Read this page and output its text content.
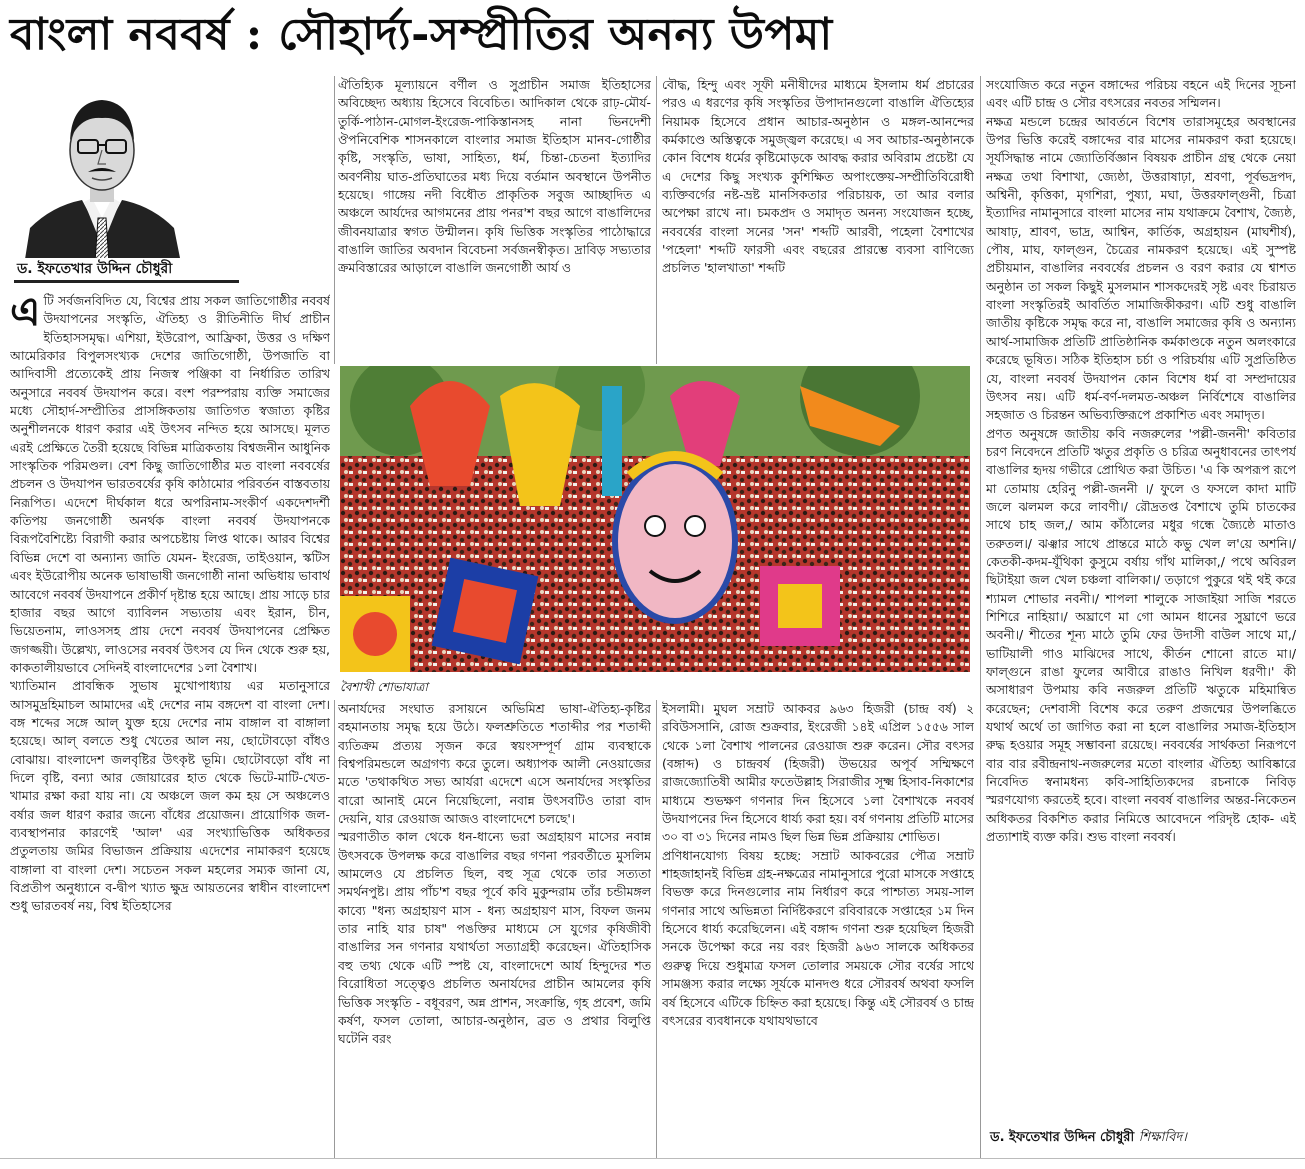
বাংলা নববর্ষ : সৌহার্দ্য-সম্প্রীতির অনন্য উপমা
ড. ইফতেখার উদ্দিন চৌধুরী

এটি সর্বজনবিদিত যে, বিশ্বের প্রায় সকল জাতিগোষ্ঠীর নববর্ষ উদযাপনের সংস্কৃতি, ঐতিহ্য ও রীতিনীতি দীর্ঘ প্রাচীন ইতিহাসসমৃদ্ধ। এশিয়া, ইউরোপ, আফ্রিকা, উত্তর ও দক্ষিণ আমেরিকার বিপুলসংখ্যক দেশের জাতিগোষ্ঠী, উপজাতি বা আদিবাসী প্রত্যেকেই প্রায় নিজস্ব পঞ্জিকা বা নির্ধারিত তারিখ অনুসারে নববর্ষ উদযাপন করে। বংশ পরম্পরায় ব্যক্তি সমাজের মধ্যে সৌহার্দ-সম্প্রীতির প্রাসঙ্গিকতায় জাতিগত স্বজাত্য কৃষ্টির অনুশীলনকে ধারণ করার এই উৎসব নন্দিত হয়ে আসছে। মূলত এরই প্রেক্ষিতে তৈরী হয়েছে বিভিন্ন মাত্রিকতায় বিশ্বজনীন আধুনিক সাংস্কৃতিক পরিমণ্ডল। বেশ কিছু জাতিগোষ্ঠীর মত বাংলা নববর্ষের প্রচলন ও উদযাপন ভারতবর্ষের কৃষি কাঠামোর পরিবর্তন বাস্তবতায় নিরূপিত। এদেশে দীর্ঘকাল ধরে অপরিনাম-সংকীর্ণ একদেশদর্শী কতিপয় জনগোষ্ঠী অনর্থক বাংলা নববর্ষ উদযাপনকে বিরূপবৈশিষ্ট্যে বিরাগী করার অপচেষ্টায় লিপ্ত থাকে। আরব বিশ্বের বিভিন্ন দেশে বা অন্যান্য জাতি যেমন- ইংরেজ, তাইওয়ান, স্কটিস এবং ইউরোপীয় অনেক ভাষাভাষী জনগোষ্ঠী নানা অভিধায় ভাবার্থ আবেগে নববর্ষ উদযাপনে প্রকীর্ণ দৃষ্টান্ত হয়ে আছে। প্রায় সাড়ে চার হাজার বছর আগে ব্যাবিলন সভ্যতায় এবং ইরান, চীন, ভিয়েতনাম, লাওসসহ প্রায় দেশে নববর্ষ উদযাপনের প্রেক্ষিত জগজ্জয়ী। উল্লেখ্য, লাওসের নববর্ষ উৎসব যে দিন থেকে শুরু হয়, কাকতালীয়ভাবে সেদিনই বাংলাদেশের ১লা বৈশাখ।

খ্যাতিমান প্রাবন্ধিক সুভাষ মুখোপাধ্যায় এর মতানুসারে আসমুদ্রহিমাচল আমাদের এই দেশের নাম বঙ্গদেশ বা বাংলা দেশ। বঙ্গ শব্দের সঙ্গে আল্ যুক্ত হয়ে দেশের নাম বাঙ্গাল বা বাঙ্গালা হয়েছে। আল্ বলতে শুধু খেতের আল নয়, ছোটোবড়ো বাঁধও বোঝায়। বাংলাদেশ জলবৃষ্টির উৎকৃষ্ট ভূমি। ছোটোবড়ো বাঁধ না দিলে বৃষ্টি, বন্যা আর জোয়ারের হাত থেকে ভিটে-মাটি-খেত-খামার রক্ষা করা যায় না। যে অঞ্চলে জল কম হয় সে অঞ্চলেও বর্ষার জল ধারণ করার জন্যে বাঁধের প্রয়োজন। প্রায়োগিক জল-ব্যবস্থাপনার কারণেই 'আল' এর সংখ্যাভিত্তিক অধিকতর প্রতুলতায় জমির বিভাজন প্রক্রিয়ায় এদেশের নামাকরণ হয়েছে বাঙ্গালা বা বাংলা দেশ। সচেতন সকল মহলের সম্যক জানা যে, বিপ্রতীপ অনুধ্যানে ব-দ্বীপ খ্যাত ক্ষুদ্র আয়তনের স্বাধীন বাংলাদেশ শুধু ভারতবর্ষ নয়, বিশ্ব ইতিহাসের

ঐতিহ্যিক মূল্যায়নে বর্ণীল ও সুপ্রাচীন সমাজ ইতিহাসের অবিচ্ছেদ্য অধ্যায় হিসেবে বিবেচিত। আদিকাল থেকে রাঢ়-মৌর্য-তুর্কি-পাঠান-মোগল-ইংরেজ-পাকিস্তানসহ নানা ভিনদেশী ঔপনিবেশিক শাসনকালে বাংলার সমাজ ইতিহাস মানব-গোষ্ঠীর কৃষ্টি, সংস্কৃতি, ভাষা, সাহিত্য, ধর্ম, চিন্তা-চেতনা ইত্যাদির অবর্ণনীয় ঘাত-প্রতিঘাতের মধ্য দিয়ে বর্তমান অবস্থানে উপনীত হয়েছে। গাঙ্গেয় নদী বিধৌত প্রাকৃতিক সবুজ আচ্ছাদিত এ অঞ্চলে আর্যদের আগমনের প্রায় পনর'শ বছর আগে বাঙালিদের জীবনযাত্রার স্বগত উন্মীলন। কৃষি ভিত্তিক সংস্কৃতির পাঠোদ্ধারে বাঙালি জাতির অবদান বিবেচনা সর্বজনস্বীকৃত। দ্রাবিড় সভ্যতার ক্রমবিস্তারের আড়ালে বাঙালি জনগোষ্ঠী আর্য ও

বৌদ্ধ, হিন্দু এবং সূফী মনীষীদের মাধ্যমে ইসলাম ধর্ম প্রচারের পরও এ ধরণের কৃষি সংস্কৃতির উপাদানগুলো বাঙালি ঐতিহ্যের নিয়ামক হিসেবে প্রধান আচার-অনুষ্ঠান ও মঙ্গল-আনন্দের কর্মকাণ্ডে অস্তিত্বকে সমুজ্জ্বল করেছে। এ সব আচার-অনুষ্ঠানকে কোন বিশেষ ধর্মের কৃষ্টিমোড়কে আবদ্ধ করার অবিরাম প্রচেষ্টা যে এ দেশের কিছু সংখ্যক কুশিক্ষিত অপাংক্তেয়-সম্প্রীতিবিরোধী ব্যক্তিবর্গের নষ্ট-ভ্রষ্ট মানসিকতার পরিচায়ক, তা আর বলার অপেক্ষা রাখে না। চমকপ্রদ ও সমাদৃত অনন্য সংযোজন হচ্ছে, নববর্ষের বাংলা সনের 'সন' শব্দটি আরবী, পহেলা বৈশাখের 'পহেলা' শব্দটি ফারসী এবং বছরের প্রারম্ভে ব্যবসা বাণিজ্যে প্রচলিত 'হালখাতা' শব্দটি

সংযোজিত করে নতুন বঙ্গাব্দের পরিচয় বহনে এই দিনের সূচনা এবং এটি চান্দ্র ও সৌর বৎসরের নবতর সম্মিলন।

নক্ষত্র মন্ডলে চন্দ্রের আবর্তনে বিশেষ তারাসমূহের অবস্থানের উপর ভিত্তি করেই বঙ্গাব্দের বার মাসের নামকরণ করা হয়েছে। সূর্যসিদ্ধান্ত নামে জ্যোতির্বিজ্ঞান বিষয়ক প্রাচীন গ্রন্থ থেকে নেয়া নক্ষত্র তথা বিশাখা, জ্যেষ্ঠা, উত্তরাষাঢ়া, শ্রবণা, পূর্বভদ্রপদ, অশ্বিনী, কৃত্তিকা, মৃগশিরা, পুষ্যা, মঘা, উত্তরফাল্গুনী, চিত্রা ইত্যাদির নামানুসারে বাংলা মাসের নাম যথাক্রমে বৈশাখ, জ্যৈষ্ঠ, আষাঢ়, শ্রাবণ, ভাদ্র, আশ্বিন, কার্তিক, অগ্রহায়ন (মাঘশীর্ষ), পৌষ, মাঘ, ফাল্গুন, চৈত্রের নামকরণ হয়েছে। এই সুস্পষ্ট প্রচীয়মান, বাঙালির নববর্ষের প্রচলন ও বরণ করার যে শ্বাশত অনুষ্ঠান তা সকল কিছুই মুসলমান শাসকদেরই সৃষ্ট এবং চিরায়ত বাংলা সংস্কৃতিরই আবর্তিত সামাজিকীকরণ। এটি শুধু বাঙালি জাতীয় কৃষ্টিকে সমৃদ্ধ করে না, বাঙালি সমাজের কৃষি ও অন্যান্য আর্থ-সামাজিক প্রতিটি প্রাতিষ্ঠানিক কর্মকাণ্ডকে নতুন অলংকারে করেছে ভূষিত। সঠিক ইতিহাস চর্চা ও পরিচর্যায় এটি সুপ্রতিষ্ঠিত যে, বাংলা নববর্ষ উদযাপন কোন বিশেষ ধর্ম বা সম্প্রদায়ের উৎসব নয়। এটি ধর্ম-বর্ণ-দলমত-অঞ্চল নির্বিশেষে বাঙালির সহজাত ও চিরন্তন অভিব্যক্তিরূপে প্রকাশিত এবং সমাদৃত।

প্রণত অনুষঙ্গে জাতীয় কবি নজরুলের 'পল্লী-জননী' কবিতার চরণ নিবেদনে প্রতিটি ঋতুর প্রকৃতি ও চরিত্র অনুধাবনের তাৎপর্য বাঙালির হৃদয় গভীরে প্রোথিত করা উচিত। 'এ কি অপরূপ রূপে মা তোমায় হেরিনু পল্লী-জননী ।/ ফুলে ও ফসলে কাদা মাটি জলে ঝলমল করে লাবণী।/ রৌদ্রতপ্ত বৈশাখে তুমি চাতকের সাথে চাহ জল,/ আম কাঁঠালের মধুর গন্ধে জ্যৈষ্ঠে মাতাও তরুতল।/ ঝঞ্ঝার সাথে প্রান্তরে মাঠে কভু খেল ল'য়ে অশনি।/ কেতকী-কদম-যূঁথিকা কুসুমে বর্ষায় গাঁথ মালিকা,/ পথে অবিরল ছিটাইয়া জল খেল চঞ্চলা বালিকা।/ তড়াগে পুকুরে থই থই করে শ্যামল শোভার নবনী।/ শাপলা শালুকে সাজাইয়া সাজি শরতে শিশিরে নাহিয়া।/ অঘ্রাণে মা গো আমন ধানের সুঘ্রাণে ভরে অবনী।/ শীতের শূন্য মাঠে তুমি ফের উদাসী বাউল সাথে মা,/ ভাটিয়ালী গাও মাঝিদের সাথে, কীর্তন শোনো রাতে মা।/ ফাল্গুনে রাঙা ফুলের আবীরে রাঙাও নিখিল ধরণী।' কী অসাধারণ উপমায় কবি নজরুল প্রতিটি ঋতুকে মহিমান্বিত করেছেন; দেশবাসী বিশেষ করে তরুণ প্রজন্মের উপলব্ধিতে যথার্থ অর্থে তা জাগিত করা না হলে বাঙালির সমাজ-ইতিহাস রুদ্ধ হওয়ার সমূহ সম্ভাবনা রয়েছে। নববর্ষের সার্থকতা নিরূপণে বার বার রবীন্দ্রনাথ-নজরুলের মতো বাংলার ঐতিহ্য আবিষ্কারে নিবেদিত স্বনামধন্য কবি-সাহিত্যিকদের রচনাকে নিবিড় স্মরণযোগ্য করতেই হবে। বাংলা নববর্ষ বাঙালির অন্তর-নিকেতন অধিকতর বিকশিত করার নিমিত্তে আবেদনে পরিদৃষ্ট হোক- এই প্রত্যাশাই ব্যক্ত করি। শুভ বাংলা নববর্ষ।

বৈশাখী শোভাযাত্রা

অনার্যদের সংঘাত রসায়নে অভিমিশ্র ভাষা-ঐতিহ্য-কৃষ্টির বহমানতায় সমৃদ্ধ হয়ে উঠে। ফলশ্রুতিতে শতাব্দীর পর শতাব্দী ব্যতিক্রম প্রত্যয় সৃজন করে স্বয়ংসম্পূর্ণ গ্রাম ব্যবস্থাকে বিশ্বপরিমন্ডলে অগ্রগণ্য করে তুলে। অধ্যাপক আলী নেওয়াজের মতে 'তথাকথিত সভ্য আর্যরা এদেশে এসে অনার্যদের সংস্কৃতির বারো আনাই মেনে নিয়েছিলো, নবান্ন উৎসবটিও তারা বাদ দেয়নি, যার রেওয়াজ আজও বাংলাদেশে চলছে'।

স্মরণাতীত কাল থেকে ধন-ধান্যে ভরা অগ্রহায়ণ মাসের নবান্ন উৎসবকে উপলক্ষ করে বাঙালির বছর গণনা পরবর্তীতে মুসলিম আমলেও যে প্রচলিত ছিল, বহু সূত্র থেকে তার সত্যতা সমর্থনপুষ্ট। প্রায় পাঁচ'শ বছর পূর্বে কবি মুকুন্দরাম তাঁর চন্ডীমঙ্গল কাব্যে "ধন্য অগ্রহায়ণ মাস - ধন্য অগ্রহায়ণ মাস, বিফল জনম তার নাহি যার চাষ" পঙক্তির মাধ্যমে সে যুগের কৃষিজীবী বাঙালির সন গণনার যথার্থতা সত্যাগ্রহী করেছেন। ঐতিহাসিক বহু তথ্য থেকে এটি স্পষ্ট যে, বাংলাদেশে আর্য হিন্দুদের শত বিরোধিতা সত্ত্বেও প্রচলিত অনার্যদের প্রাচীন আমলের কৃষি ভিত্তিক সংস্কৃতি - বধূবরণ, অন্ন প্রাশন, সংক্রান্তি, গৃহ প্রবেশ, জমি কর্ষণ, ফসল তোলা, আচার-অনুষ্ঠান, ব্রত ও প্রথার বিলুপ্তি ঘটেনি বরং

ইসলামী। মুঘল সম্রাট আকবর ৯৬৩ হিজরী (চান্দ্র বর্ষ) ২ রবিউসসানি, রোজ শুক্রবার, ইংরেজী ১৪ই এপ্রিল ১৫৫৬ সাল থেকে ১লা বৈশাখ পালনের রেওয়াজ শুরু করেন। সৌর বৎসর (বঙ্গাব্দ) ও চান্দ্রবর্ষ (হিজরী) উভয়ের অপূর্ব সম্মিক্ষণে রাজজ্যোতিষী আমীর ফতেউল্লাহ সিরাজীর সূক্ষ্ম হিসাব-নিকাশের মাধ্যমে শুভক্ষণ গণনার দিন হিসেবে ১লা বৈশাখকে নববর্ষ উদযাপনের দিন হিসেবে ধার্য্য করা হয়। বর্ষ গণনায় প্রতিটি মাসের ৩০ বা ৩১ দিনের নামও ছিল ভিন্ন ভিন্ন প্রক্রিয়ায় শোভিত।

প্রণিধানযোগ্য বিষয় হচ্ছে: সম্রাট আকবরের পৌত্র সম্রাট শাহজাহানই বিভিন্ন গ্রহ-নক্ষত্রের নামানুসারে পুরো মাসকে সপ্তাহে বিভক্ত করে দিনগুলোর নাম নির্ধারণ করে পাশ্চাত্য সময়-সাল গণনার সাথে অভিন্নতা নির্দিষ্টকরণে রবিবারকে সপ্তাহের ১ম দিন হিসেবে ধার্য্য করেছিলেন। এই বঙ্গাব্দ গণনা শুরু হয়েছিল হিজরী সনকে উপেক্ষা করে নয় বরং হিজরী ৯৬৩ সালকে অধিকতর গুরুত্ব দিয়ে শুধুমাত্র ফসল তোলার সময়কে সৌর বর্ষের সাথে সামঞ্জস্য করার লক্ষ্যে সূর্যকে মানদণ্ড ধরে সৌরবর্ষ অথবা ফসলি বর্ষ হিসেবে এটিকে চিহ্নিত করা হয়েছে। কিন্তু এই সৌরবর্ষ ও চান্দ্র বৎসরের ব্যবধানকে যথাযথভাবে

ড. ইফতেখার উদ্দিন চৌধুরী শিক্ষাবিদ।
